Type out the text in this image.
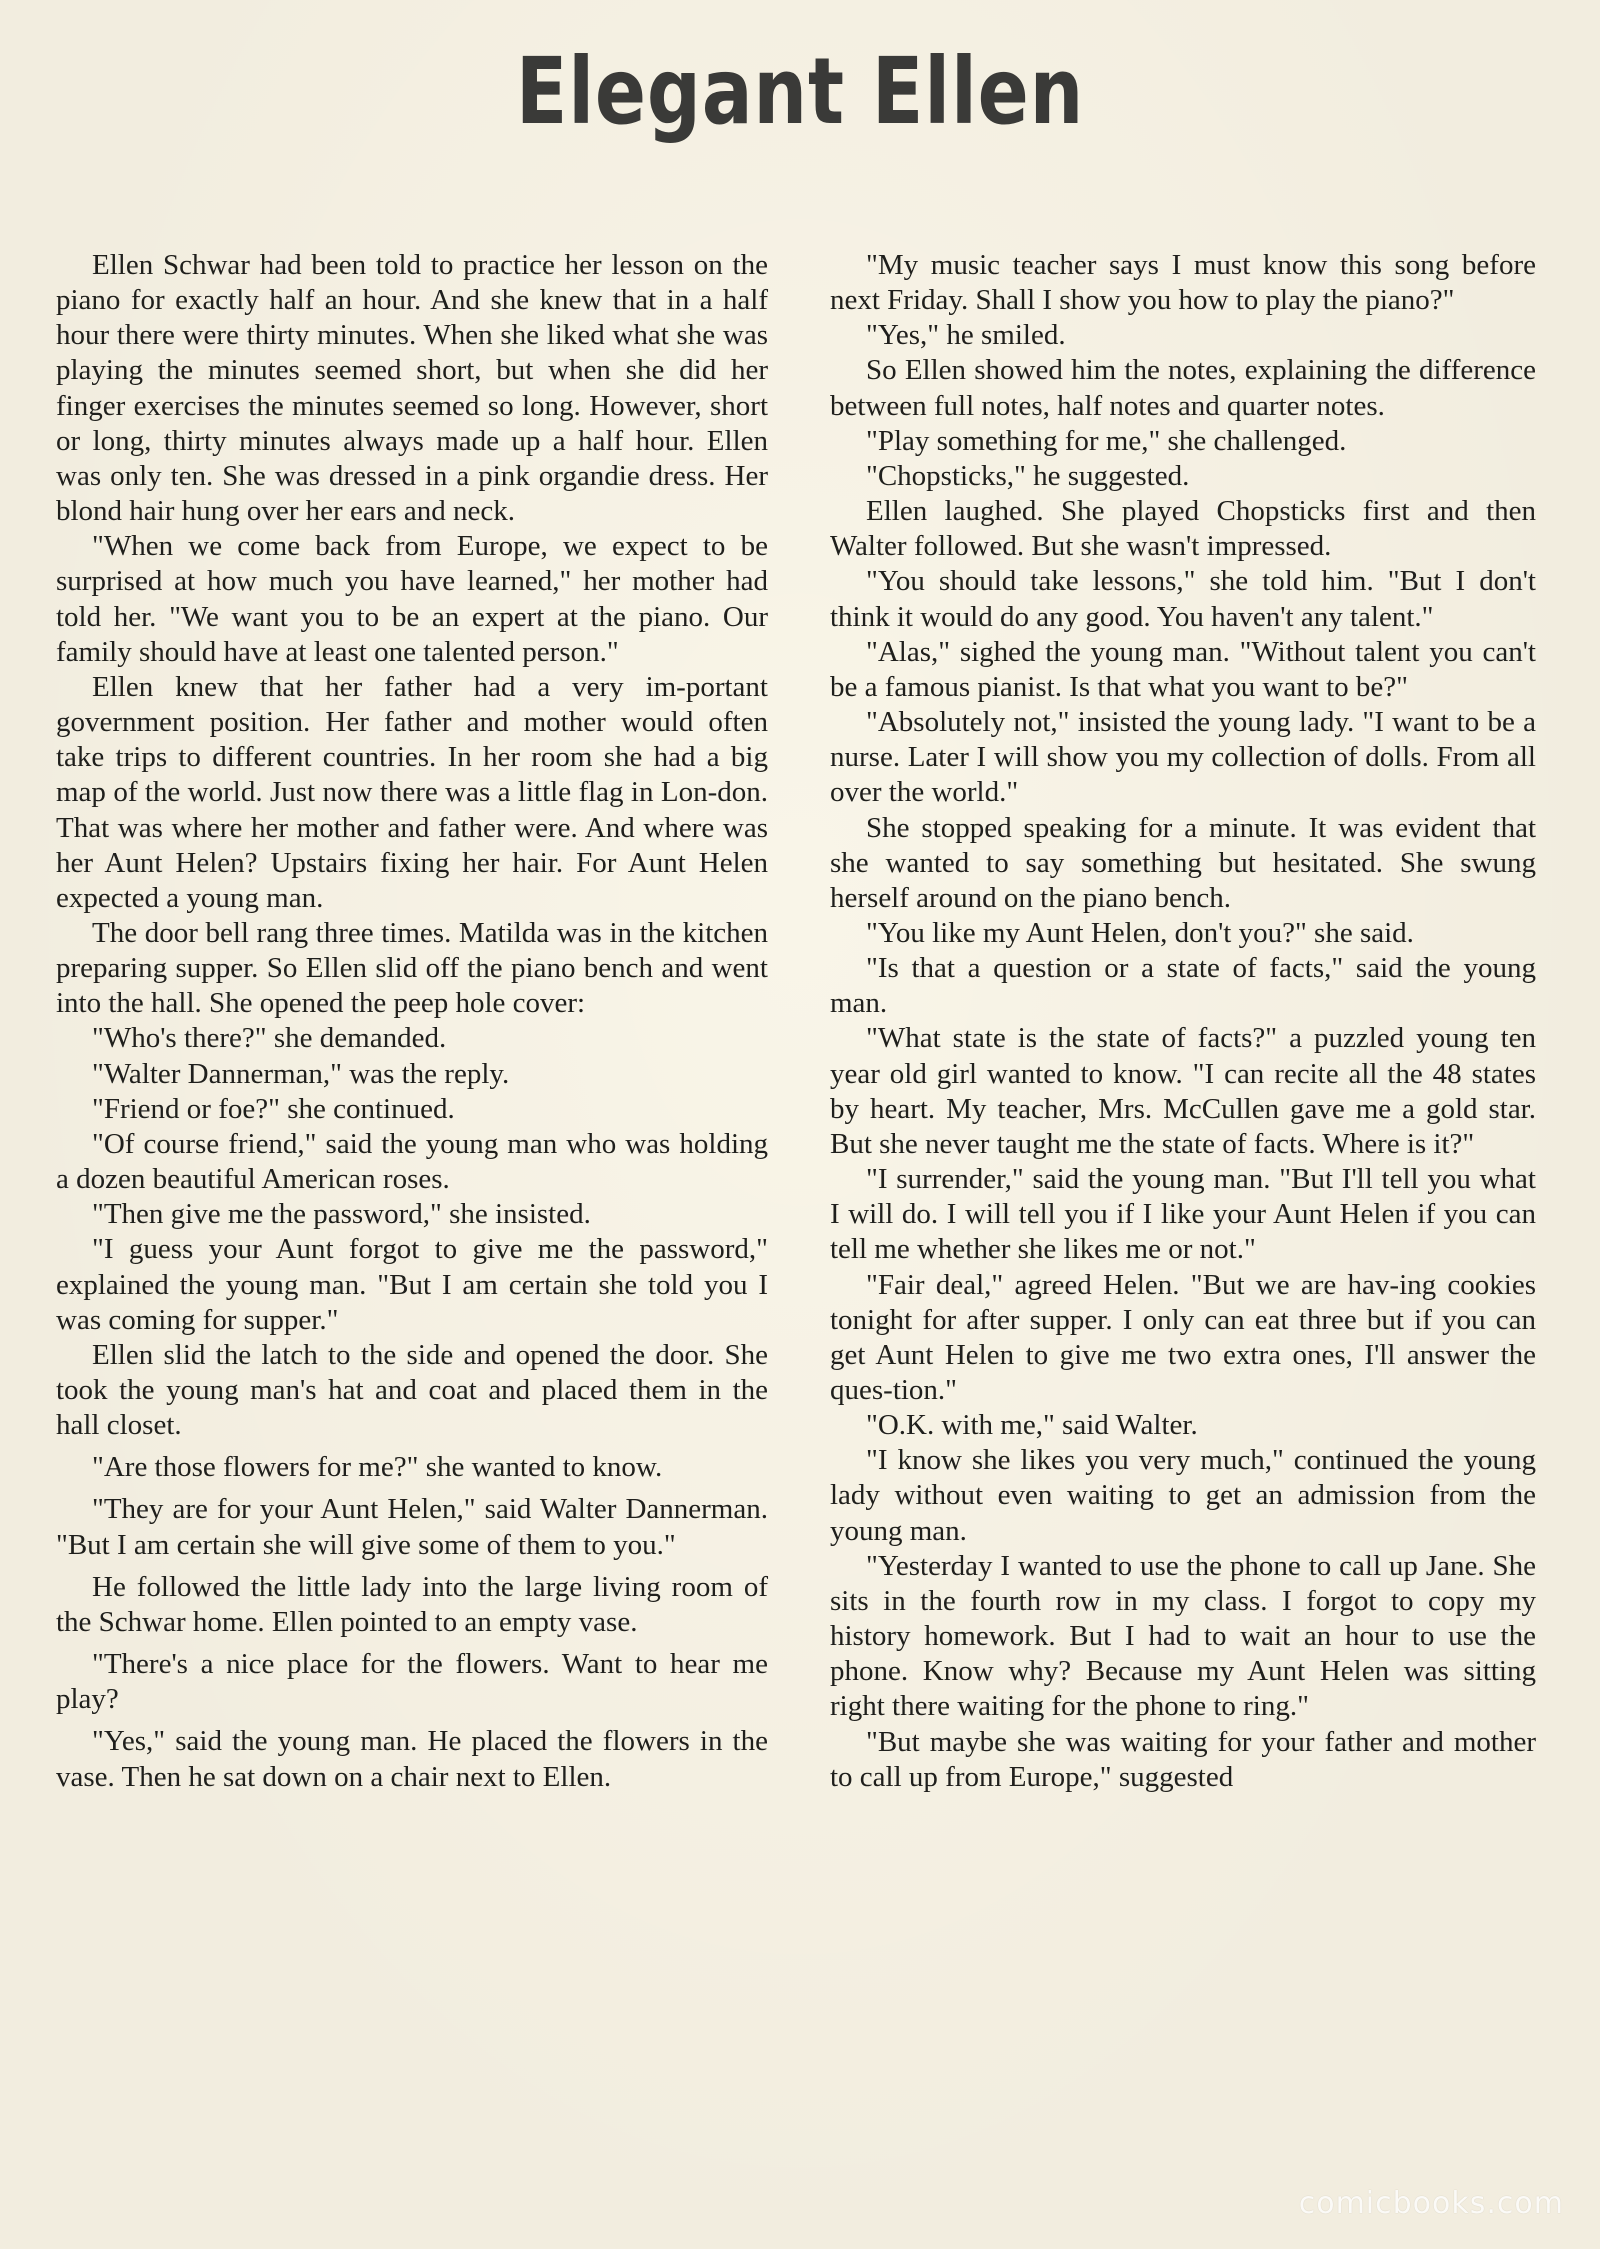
Elegant Ellen

Ellen Schwar had been told to practice her lesson on the piano for exactly half an hour. And she knew that in a half hour there were thirty minutes. When she liked what she was playing the minutes seemed short, but when she did her finger exercises the minutes seemed so long. However, short or long, thirty minutes always made up a half hour. Ellen was only ten. She was dressed in a pink organdie dress. Her blond hair hung over her ears and neck.

"When we come back from Europe, we expect to be surprised at how much you have learned," her mother had told her. "We want you to be an expert at the piano. Our family should have at least one talented person."

Ellen knew that her father had a very im-portant government position. Her father and mother would often take trips to different countries. In her room she had a big map of the world. Just now there was a little flag in Lon-don. That was where her mother and father were. And where was her Aunt Helen? Upstairs fixing her hair. For Aunt Helen expected a young man.

The door bell rang three times. Matilda was in the kitchen preparing supper. So Ellen slid off the piano bench and went into the hall. She opened the peep hole cover:

"Who's there?" she demanded.

"Walter Dannerman," was the reply.

"Friend or foe?" she continued.

"Of course friend," said the young man who was holding a dozen beautiful American roses.

"Then give me the password," she insisted.

"I guess your Aunt forgot to give me the password," explained the young man. "But I am certain she told you I was coming for supper."

Ellen slid the latch to the side and opened the door. She took the young man's hat and coat and placed them in the hall closet.

"Are those flowers for me?" she wanted to know.

"They are for your Aunt Helen," said Walter Dannerman. "But I am certain she will give some of them to you."

He followed the little lady into the large living room of the Schwar home. Ellen pointed to an empty vase.

"There's a nice place for the flowers. Want to hear me play?

"Yes," said the young man. He placed the flowers in the vase. Then he sat down on a chair next to Ellen.

"My music teacher says I must know this song before next Friday. Shall I show you how to play the piano?"

"Yes," he smiled.

So Ellen showed him the notes, explaining the difference between full notes, half notes and quarter notes.

"Play something for me," she challenged.

"Chopsticks," he suggested.

Ellen laughed. She played Chopsticks first and then Walter followed. But she wasn't impressed.

"You should take lessons," she told him. "But I don't think it would do any good. You haven't any talent."

"Alas," sighed the young man. "Without talent you can't be a famous pianist. Is that what you want to be?"

"Absolutely not," insisted the young lady. "I want to be a nurse. Later I will show you my collection of dolls. From all over the world."

She stopped speaking for a minute. It was evident that she wanted to say something but hesitated. She swung herself around on the piano bench.

"You like my Aunt Helen, don't you?" she said.

"Is that a question or a state of facts," said the young man.

"What state is the state of facts?" a puzzled young ten year old girl wanted to know. "I can recite all the 48 states by heart. My teacher, Mrs. McCullen gave me a gold star. But she never taught me the state of facts. Where is it?"

"I surrender," said the young man. "But I'll tell you what I will do. I will tell you if I like your Aunt Helen if you can tell me whether she likes me or not."

"Fair deal," agreed Helen. "But we are hav-ing cookies tonight for after supper. I only can eat three but if you can get Aunt Helen to give me two extra ones, I'll answer the ques-tion."

"O.K. with me," said Walter.

"I know she likes you very much," continued the young lady without even waiting to get an admission from the young man.

"Yesterday I wanted to use the phone to call up Jane. She sits in the fourth row in my class. I forgot to copy my history homework. But I had to wait an hour to use the phone. Know why? Because my Aunt Helen was sitting right there waiting for the phone to ring."

"But maybe she was waiting for your father and mother to call up from Europe," suggested

comicbooks.com
